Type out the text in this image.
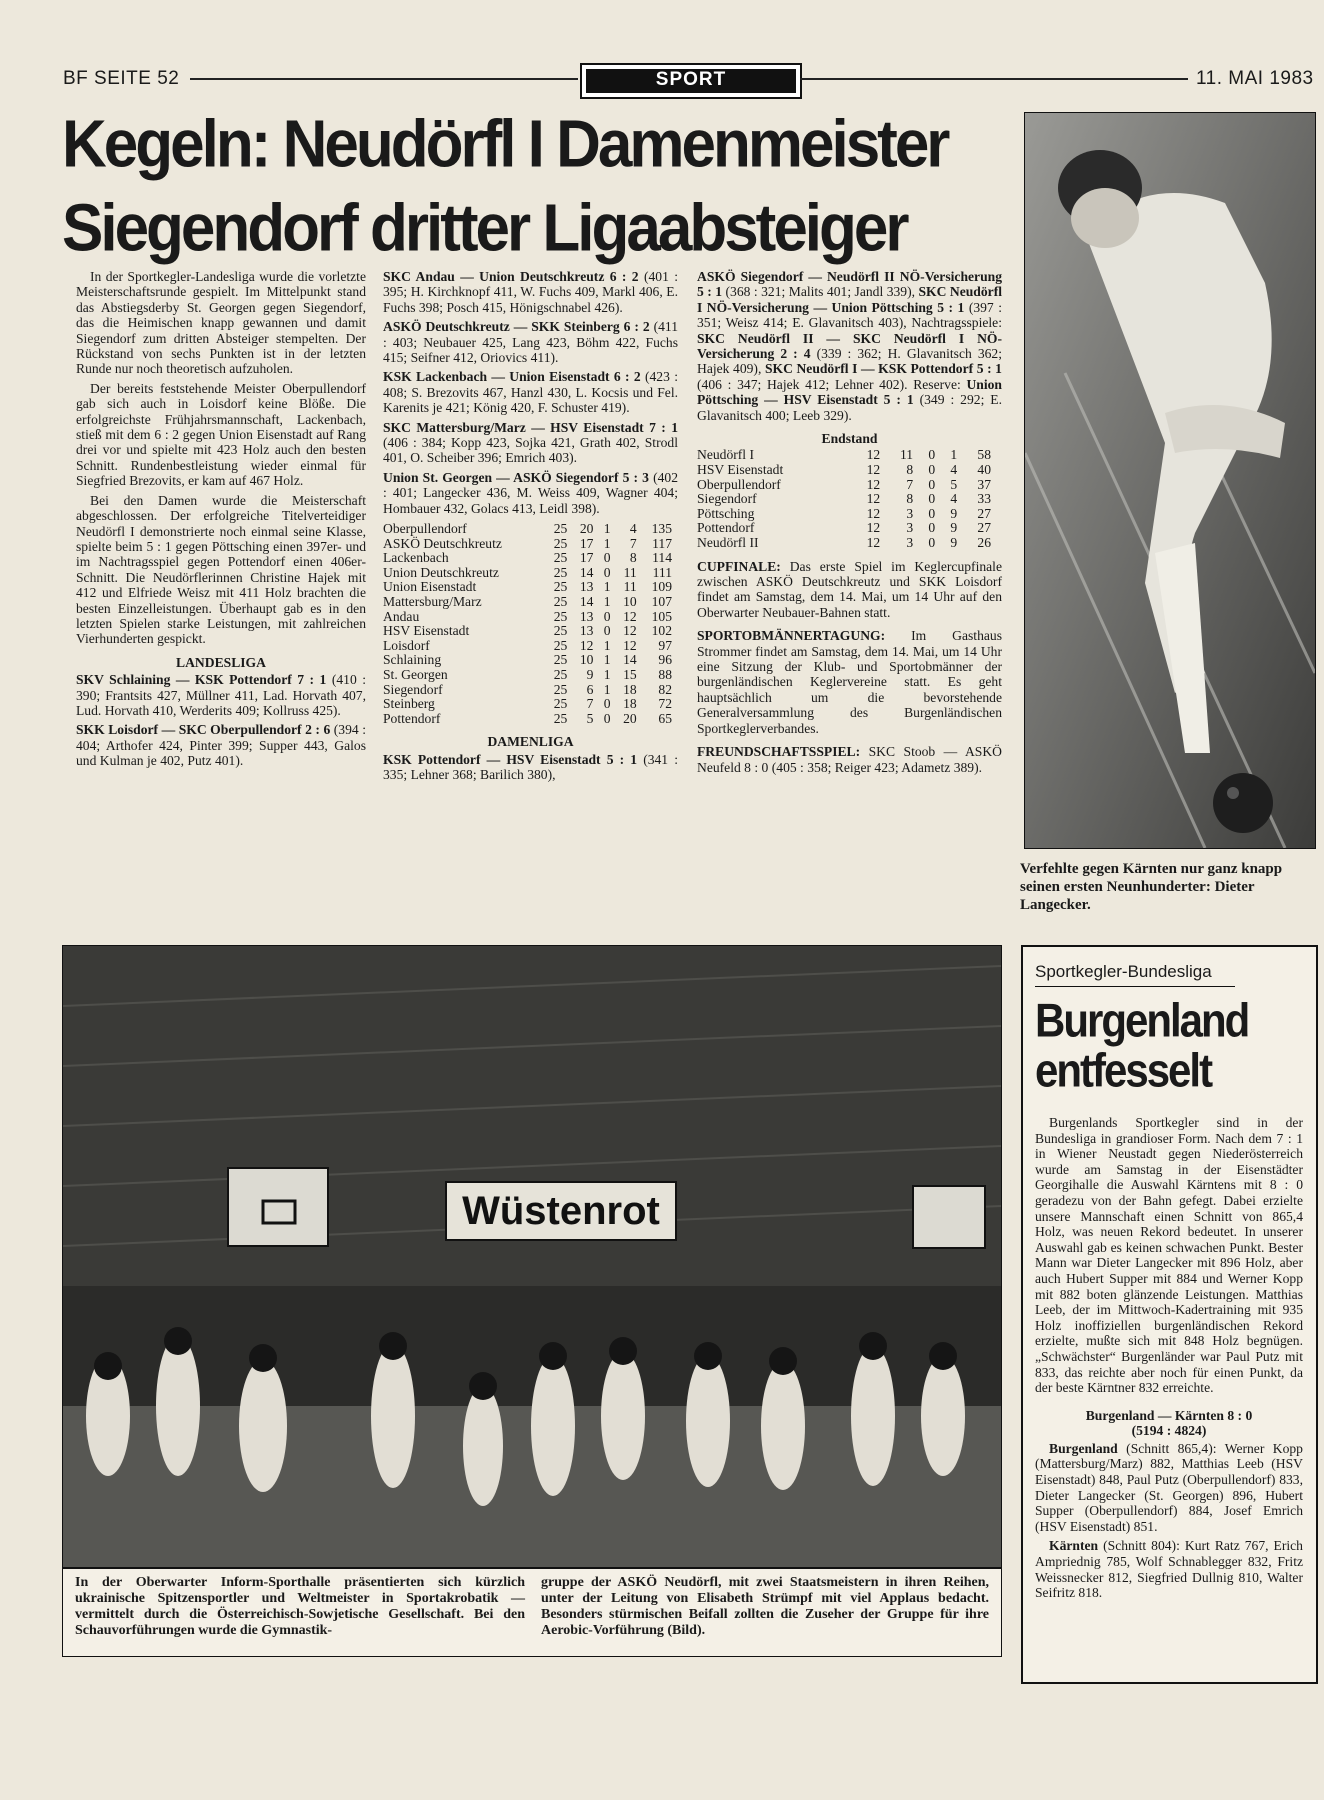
BF SEITE 52	SPORT	11. MAI 1983
Kegeln: Neudörfl I Damenmeister
Siegendorf dritter Ligaabsteiger

In der Sportkegler-Landesliga wurde die vorletzte Meisterschaftsrunde gespielt. Im Mittelpunkt stand das Abstiegsderby St. Georgen gegen Siegendorf, das die Heimischen knapp gewannen und damit Siegendorf zum dritten Absteiger stempelten. Der Rückstand von sechs Punkten ist in der letzten Runde nur noch theoretisch aufzuholen.

Der bereits feststehende Meister Oberpullendorf gab sich auch in Loisdorf keine Blöße. Die erfolgreichste Frühjahrsmannschaft, Lackenbach, stieß mit dem 6 : 2 gegen Union Eisenstadt auf Rang drei vor und spielte mit 423 Holz auch den besten Schnitt. Rundenbestleistung wieder einmal für Siegfried Brezovits, er kam auf 467 Holz.

Bei den Damen wurde die Meisterschaft abgeschlossen. Der erfolgreiche Titelverteidiger Neudörfl I demonstrierte noch einmal seine Klasse, spielte beim 5 : 1 gegen Pöttsching einen 397er- und im Nachtragsspiel gegen Pottendorf einen 406er-Schnitt. Die Neudörflerinnen Christine Hajek mit 412 und Elfriede Weisz mit 411 Holz brachten die besten Einzelleistungen. Überhaupt gab es in den letzten Spielen starke Leistungen, mit zahlreichen Vierhunderten gespickt.

LANDESLIGA

SKV Schlaining — KSK Pottendorf 7 : 1 (410 : 390; Frantsits 427, Müllner 411, Lad. Horvath 407, Lud. Horvath 410, Werderits 409; Kollruss 425).

SKK Loisdorf — SKC Oberpullendorf 2 : 6 (394 : 404; Arthofer 424, Pinter 399; Supper 443, Galos und Kulman je 402, Putz 401).

SKC Andau — Union Deutschkreutz 6 : 2 (401 : 395; H. Kirchknopf 411, W. Fuchs 409, Markl 406, E. Fuchs 398; Posch 415, Hönigschnabel 426).

ASKÖ Deutschkreutz — SKK Steinberg 6 : 2 (411 : 403; Neubauer 425, Lang 423, Böhm 422, Fuchs 415; Seifner 412, Oriovics 411).

KSK Lackenbach — Union Eisenstadt 6 : 2 (423 : 408; S. Brezovits 467, Hanzl 430, L. Kocsis und Fel. Karenits je 421; König 420, F. Schuster 419).

SKC Mattersburg/Marz — HSV Eisenstadt 7 : 1 (406 : 384; Kopp 423, Sojka 421, Grath 402, Strodl 401, O. Scheiber 396; Emrich 403).

Union St. Georgen — ASKÖ Siegendorf 5 : 3 (402 : 401; Langecker 436, M. Weiss 409, Wagner 404; Hombauer 432, Golacs 413, Leidl 398).

Oberpullendorf	25	20	1	4	135
ASKÖ Deutschkreutz	25	17	1	7	117
Lackenbach	25	17	0	8	114
Union Deutschkreutz	25	14	0	11	111
Union Eisenstadt	25	13	1	11	109
Mattersburg/Marz	25	14	1	10	107
Andau	25	13	0	12	105
HSV Eisenstadt	25	13	0	12	102
Loisdorf	25	12	1	12	97
Schlaining	25	10	1	14	96
St. Georgen	25	9	1	15	88
Siegendorf	25	6	1	18	82
Steinberg	25	7	0	18	72
Pottendorf	25	5	0	20	65

DAMENLIGA

KSK Pottendorf — HSV Eisenstadt 5 : 1 (341 : 335; Lehner 368; Barilich 380),

ASKÖ Siegendorf — Neudörfl II NÖ-Versicherung 5 : 1 (368 : 321; Malits 401; Jandl 339), SKC Neudörfl I NÖ-Versicherung — Union Pöttsching 5 : 1 (397 : 351; Weisz 414; E. Glavanitsch 403), Nachtragsspiele: SKC Neudörfl II — SKC Neudörfl I NÖ-Versicherung 2 : 4 (339 : 362; H. Glavanitsch 362; Hajek 409), SKC Neudörfl I — KSK Pottendorf 5 : 1 (406 : 347; Hajek 412; Lehner 402). Reserve: Union Pöttsching — HSV Eisenstadt 5 : 1 (349 : 292; E. Glavanitsch 400; Leeb 329).

Endstand

Neudörfl I	12	11	0	1	58
HSV Eisenstadt	12	8	0	4	40
Oberpullendorf	12	7	0	5	37
Siegendorf	12	8	0	4	33
Pöttsching	12	3	0	9	27
Pottendorf	12	3	0	9	27
Neudörfl II	12	3	0	9	26

CUPFINALE: Das erste Spiel im Keglercupfinale zwischen ASKÖ Deutschkreutz und SKK Loisdorf findet am Samstag, dem 14. Mai, um 14 Uhr auf den Oberwarter Neubauer-Bahnen statt.

SPORTOBMÄNNERTAGUNG: Im Gasthaus Strommer findet am Samstag, dem 14. Mai, um 14 Uhr eine Sitzung der Klub- und Sportobmänner der burgenländischen Keglervereine statt. Es geht hauptsächlich um die bevorstehende Generalversammlung des Burgenländischen Sportkeglerverbandes.

FREUNDSCHAFTSSPIEL: SKC Stoob — ASKÖ Neufeld 8 : 0 (405 : 358; Reiger 423; Adametz 389).

Verfehlte gegen Kärnten nur ganz knapp seinen ersten Neunhunderter: Dieter Langecker.
Wüstenrot
In der Oberwarter Inform-Sporthalle präsentierten sich kürzlich ukrainische Spitzensportler und Weltmeister in Sportakrobatik — vermittelt durch die Österreichisch-Sowjetische Gesellschaft. Bei den Schauvorführungen wurde die Gymnastik-
gruppe der ASKÖ Neudörfl, mit zwei Staatsmeistern in ihren Reihen, unter der Leitung von Elisabeth Strümpf mit viel Applaus bedacht. Besonders stürmischen Beifall zollten die Zuseher der Gruppe für ihre Aerobic-Vorführung (Bild).
Sportkegler-Bundesliga
Burgenland
entfesselt

Burgenlands Sportkegler sind in der Bundesliga in grandioser Form. Nach dem 7 : 1 in Wiener Neustadt gegen Niederösterreich wurde am Samstag in der Eisenstädter Georgihalle die Auswahl Kärntens mit 8 : 0 geradezu von der Bahn gefegt. Dabei erzielte unsere Mannschaft einen Schnitt von 865,4 Holz, was neuen Rekord bedeutet. In unserer Auswahl gab es keinen schwachen Punkt. Bester Mann war Dieter Langecker mit 896 Holz, aber auch Hubert Supper mit 884 und Werner Kopp mit 882 boten glänzende Leistungen. Matthias Leeb, der im Mittwoch-Kadertraining mit 935 Holz inoffiziellen burgenländischen Rekord erzielte, mußte sich mit 848 Holz begnügen. „Schwächster“ Burgenländer war Paul Putz mit 833, das reichte aber noch für einen Punkt, da der beste Kärntner 832 erreichte.

Burgenland — Kärnten 8 : 0

(5194 : 4824)

Burgenland (Schnitt 865,4): Werner Kopp (Mattersburg/Marz) 882, Matthias Leeb (HSV Eisenstadt) 848, Paul Putz (Oberpullendorf) 833, Dieter Langecker (St. Georgen) 896, Hubert Supper (Oberpullendorf) 884, Josef Emrich (HSV Eisenstadt) 851.

Kärnten (Schnitt 804): Kurt Ratz 767, Erich Ampriednig 785, Wolf Schnablegger 832, Fritz Weissnecker 812, Siegfried Dullnig 810, Walter Seifritz 818.
